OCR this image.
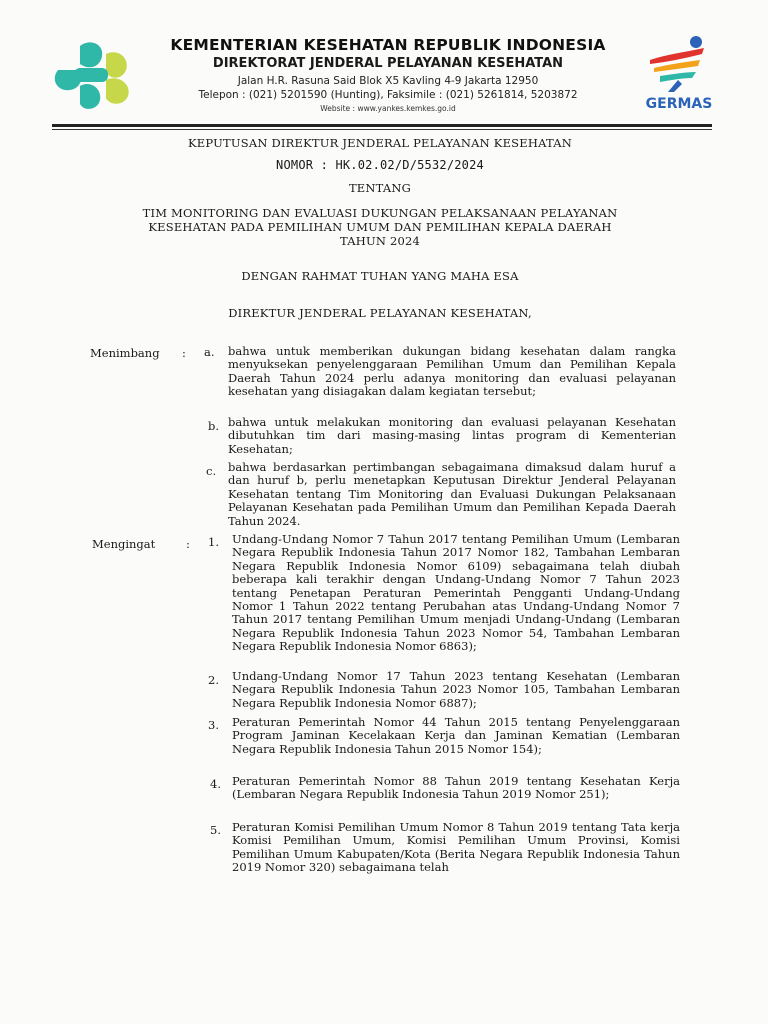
KEMENTERIAN KESEHATAN REPUBLIK INDONESIA
DIREKTORAT JENDERAL PELAYANAN KESEHATAN
Jalan H.R. Rasuna Said Blok X5 Kavling 4-9 Jakarta 12950
Telepon : (021) 5201590 (Hunting), Faksimile : (021) 5261814, 5203872
Website : www.yankes.kemkes.go.id	GERMAS
KEPUTUSAN DIREKTUR JENDERAL PELAYANAN KESEHATAN
NOMOR : HK.02.02/D/5532/2024
TENTANG
TIM MONITORING DAN EVALUASI DUKUNGAN PELAKSANAAN PELAYANAN
KESEHATAN PADA PEMILIHAN UMUM DAN PEMILIHAN KEPALA DAERAH
TAHUN 2024
DENGAN RAHMAT TUHAN YANG MAHA ESA
DIREKTUR JENDERAL PELAYANAN KESEHATAN,
Menimbang : a. bahwa untuk memberikan dukungan bidang kesehatan dalam rangka menyuksekan penyelenggaraan Pemilihan Umum dan Pemilihan Kepala Daerah Tahun 2024 perlu adanya monitoring dan evaluasi pelayanan kesehatan yang disiagakan dalam kegiatan tersebut;
b. bahwa untuk melakukan monitoring dan evaluasi pelayanan Kesehatan dibutuhkan tim dari masing-masing lintas program di Kementerian Kesehatan;
c. bahwa berdasarkan pertimbangan sebagaimana dimaksud dalam huruf a dan huruf b, perlu menetapkan Keputusan Direktur Jenderal Pelayanan Kesehatan tentang Tim Monitoring dan Evaluasi Dukungan Pelaksanaan Pelayanan Kesehatan pada Pemilihan Umum dan Pemilihan Kepada Daerah Tahun 2024.
Mengingat	: 1. Undang-Undang Nomor 7 Tahun 2017 tentang Pemilihan Umum (Lembaran Negara Republik Indonesia Tahun 2017 Nomor 182, Tambahan Lembaran Negara Republik Indonesia Nomor 6109) sebagaimana telah diubah beberapa kali terakhir dengan Undang-Undang Nomor 7 Tahun 2023 tentang Penetapan Peraturan Pemerintah Pengganti Undang-Undang Nomor 1 Tahun 2022 tentang Perubahan atas Undang-Undang Nomor 7 Tahun 2017 tentang Pemilihan Umum menjadi Undang-Undang (Lembaran Negara Republik Indonesia Tahun 2023 Nomor 54, Tambahan Lembaran Negara Republik Indonesia Nomor 6863);
2. Undang-Undang Nomor 17 Tahun 2023 tentang Kesehatan (Lembaran Negara Republik Indonesia Tahun 2023 Nomor 105, Tambahan Lembaran Negara Republik Indonesia Nomor 6887);
3. Peraturan Pemerintah Nomor 44 Tahun 2015 tentang Penyelenggaraan Program Jaminan Kecelakaan Kerja dan Jaminan Kematian (Lembaran Negara Republik Indonesia Tahun 2015 Nomor 154);
4. Peraturan Pemerintah Nomor 88 Tahun 2019 tentang Kesehatan Kerja (Lembaran Negara Republik Indonesia Tahun 2019 Nomor 251);
5. Peraturan Komisi Pemilihan Umum Nomor 8 Tahun 2019 tentang Tata kerja Komisi Pemilihan Umum, Komisi Pemilihan Umum Provinsi, Komisi Pemilihan Umum Kabupaten/Kota (Berita Negara Republik Indonesia Tahun 2019 Nomor 320) sebagaimana telah
